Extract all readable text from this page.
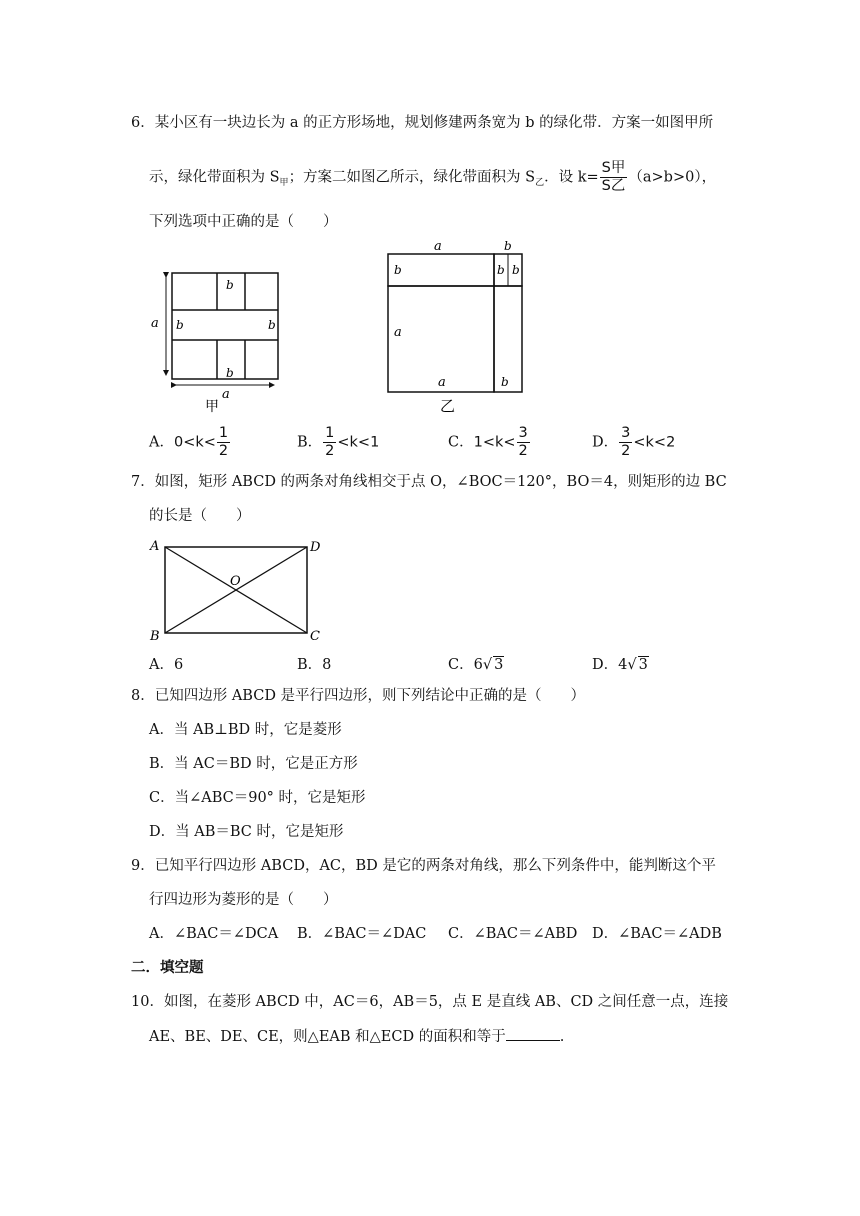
6．某小区有一块边长为 a 的正方形场地，规划修建两条宽为 b 的绿化带．方案一如图甲所
示，绿化带面积为 $S_甲$；方案二如图乙所示，绿化带面积为 $S_乙$．设 $k= \frac{\text{S甲}}{\text{S乙}} (a>b>0)$，
下列选项中正确的是（　　）
a
a
b
b	b
b
甲
a	b
b	b b
a
a	b
乙
A．$0<k< \frac{1}{2}$	B． $\frac{1}{2} <k<1$	C．$1<k< \frac{3}{2}$	D． $\frac{3}{2} <k<2$
7．如图，矩形 ABCD 的两条对角线相交于点 O，∠BOC＝120°，BO＝4，则矩形的边 BC
的长是（　　）
A	D
B	C
O
A．6	B．8	C．6√ 3	D．4√ 3
8．已知四边形 ABCD 是平行四边形，则下列结论中正确的是（　　）
A．当 AB⊥BD 时，它是菱形
B．当 AC＝BD 时，它是正方形
C．当∠ABC＝90° 时，它是矩形
D．当 AB＝BC 时，它是矩形
9．已知平行四边形 ABCD，AC，BD 是它的两条对角线，那么下列条件中，能判断这个平
行四边形为菱形的是（　　）
A．∠BAC＝∠DCA B．∠BAC＝∠DAC C．∠BAC＝∠ABD D．∠BAC＝∠ADB
二．填空题
10．如图，在菱形 ABCD 中，AC＝6，AB＝5，点 E 是直线 AB、CD 之间任意一点，连接
AE、BE、DE、CE，则△EAB 和△ECD 的面积和等于	.
